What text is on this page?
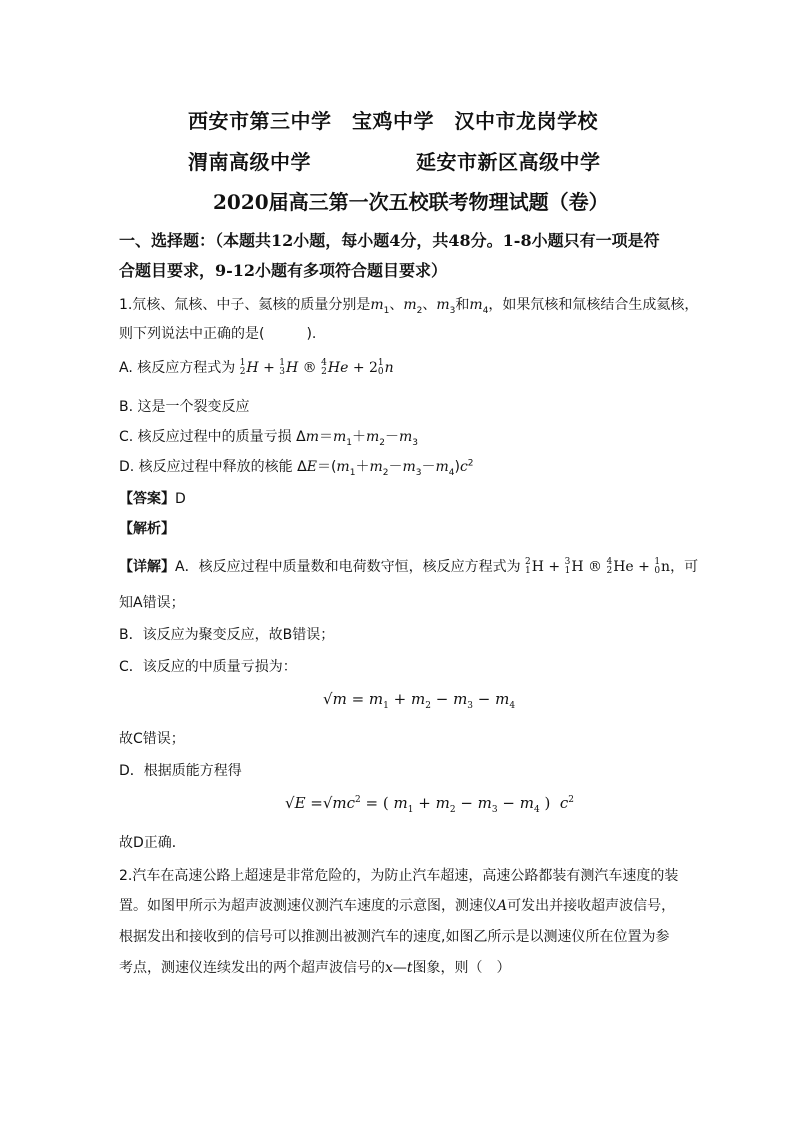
西安市第三中学　宝鸡中学　汉中市龙岗学校
渭南高级中学	延安市新区高级中学
2020届高三第一次五校联考物理试题（卷）
一、选择题：（本题共12小题，每小题4分，共48分。1-8小题只有一项是符
合题目要求，9-12小题有多项符合题目要求）
1.氘核、氚核、中子、氦核的质量分别是$m_1$、$m_2$、$m_3$和$m_4$，如果氘核和氚核结合生成氦核，
则下列说法中正确的是(　　　).
A. 核反应方程式为 1
2 H + 1
3 H ® 4
2 He + 2 1
0 n
B. 这是一个裂变反应
C. 核反应过程中的质量亏损 $\Delta m=m_1+m_2-m_3$
D. 核反应过程中释放的核能 $\Delta E=(m_1+m_2-m_3-m_4)c^2$
【答案】D
【解析】
【详解】A．核反应过程中质量数和电荷数守恒，核反应方程式为 2
1 H + 3
1 H ® 4
2 He + 1
0 n，可
知A错误；
B．该反应为聚变反应，故B错误；
C．该反应的中质量亏损为：
$√m = m_1 + m_2 - m_3 - m_4$
故C错误；
D．根据质能方程得
$√E =√mc^2$ = ( $m_1 + m_2 - m_3 - m_4$ )  $c^2$
故D正确．
2.汽车在高速公路上超速是非常危险的，为防止汽车超速，高速公路都装有测汽车速度的装
置。如图甲所示为超声波测速仪测汽车速度的示意图，测速仪A可发出并接收超声波信号，
根据发出和接收到的信号可以推测出被测汽车的速度,如图乙所示是以测速仪所在位置为参
考点，测速仪连续发出的两个超声波信号的x—t图象，则（　）
